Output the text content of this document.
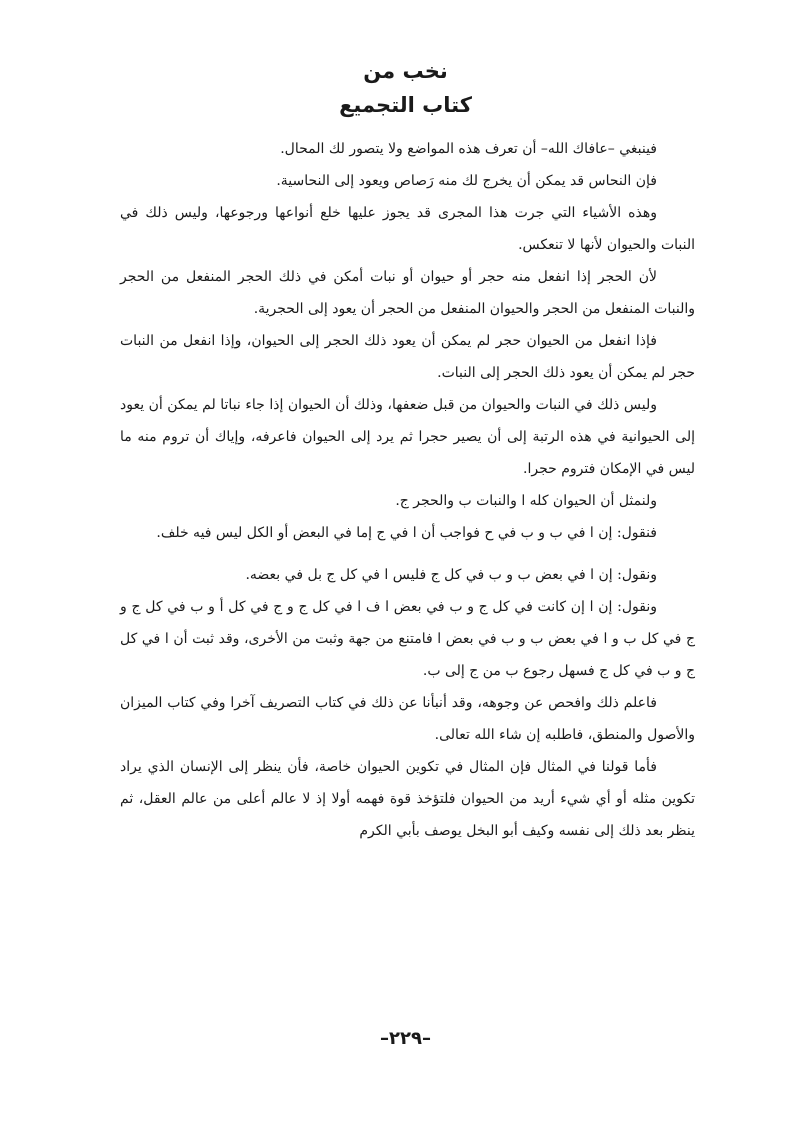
نخب من
كتاب التجميع

فينبغي –عافاك الله– أن تعرف هذه المواضع ولا يتصور لك المحال.

فإن النحاس قد يمكن أن يخرج لك منه رَصاص ويعود إلى النحاسية.

وهذه الأشياء التي جرت هذا المجرى قد يجوز عليها خلع أنواعها ورجوعها، وليس ذلك في النبات والحيوان لأنها لا تنعكس.

لأن الحجر إذا انفعل منه حجر أو حيوان أو نبات أمكن في ذلك الحجر المنفعل من الحجر والنبات المنفعل من الحجر والحيوان المنفعل من الحجر أن يعود إلى الحجرية.

فإذا انفعل من الحيوان حجر لم يمكن أن يعود ذلك الحجر إلى الحيوان، وإذا انفعل من النبات حجر لم يمكن أن يعود ذلك الحجر إلى النبات.

وليس ذلك في النبات والحيوان من قبل ضعفها، وذلك أن الحيوان إذا جاء نباتا لم يمكن أن يعود إلى الحيوانية في هذه الرتبة إلى أن يصير حجرا ثم يرد إلى الحيوان فاعرفه، وإياك أن تروم منه ما ليس في الإمكان فتروم حجرا.

ولنمثل أن الحيوان كله ا والنبات ب والحجر ج.

فنقول: إن ا في ب و ب في ح فواجب أن ا في ج إما في البعض أو الكل ليس فيه خلف.

ونقول: إن ا في بعض ب و ب في كل ج فليس ا في كل ج بل في بعضه.

ونقول: إن ا إن كانت في كل ج و ب في بعض ا ف ا في كل ج و ج في كل أ و ب في كل ج و ج في كل ب و ا في بعض ب و ب في بعض ا فامتنع من جهة وثبت من الأخرى، وقد ثبت أن ا في كل ج و ب في كل ج فسهل رجوع ب من ج إلى ب.

فاعلم ذلك وافحص عن وجوهه، وقد أنبأنا عن ذلك في كتاب التصريف آخرا وفي كتاب الميزان والأصول والمنطق، فاطلبه إن شاء الله تعالى.

فأما قولنا في المثال فإن المثال في تكوين الحيوان خاصة، فأن ينظر إلى الإنسان الذي يراد تكوين مثله أو أي شيء أريد من الحيوان فلتؤخذ قوة فهمه أولا إذ لا عالم أعلى من عالم العقل، ثم ينظر بعد ذلك إلى نفسه وكيف أبو البخل يوصف بأبي الكرم

–٢٢٩–
